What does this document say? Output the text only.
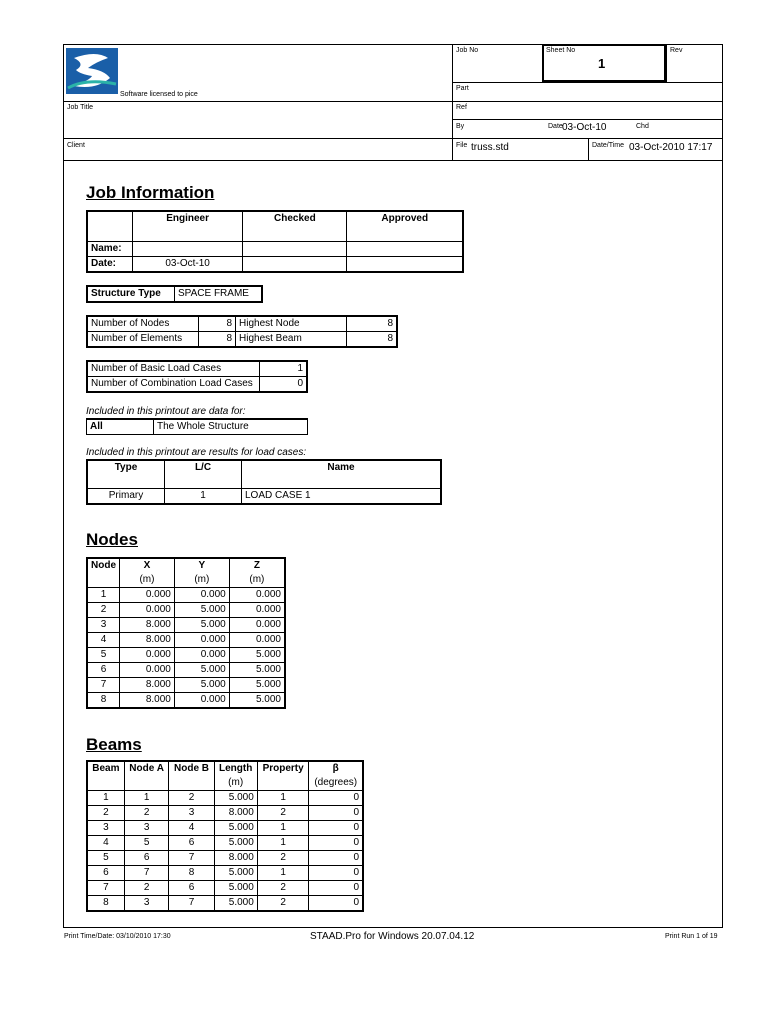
Software licensed to pice
Job No	Sheet No
1
Rev
Part
Job Title	Ref
By	Date 03-Oct-10	Chd
Client	File truss.std	Date/Time 03-Oct-2010 17:17
Job Information
	Engineer	Checked	Approved
Name:			
Date:	03-Oct-10		
Structure Type	SPACE FRAME
Number of Nodes	8	Highest Node	8
Number of Elements	8	Highest Beam	8
Number of Basic Load Cases	1
Number of Combination Load Cases	0
Included in this printout are data for:
All	The Whole Structure
Included in this printout are results for load cases:
Type	L/C	Name
Primary	1	LOAD CASE 1
Nodes
Node	X	Y	Z
	(m)	(m)	(m)
1	0.000	0.000	0.000
2	0.000	5.000	0.000
3	8.000	5.000	0.000
4	8.000	0.000	0.000
5	0.000	0.000	5.000
6	0.000	5.000	5.000
7	8.000	5.000	5.000
8	8.000	0.000	5.000
Beams
Beam	Node A	Node B	Length	Property	β
			(m)		(degrees)
1	1	2	5.000	1	0
2	2	3	8.000	2	0
3	3	4	5.000	1	0
4	5	6	5.000	1	0
5	6	7	8.000	2	0
6	7	8	5.000	1	0
7	2	6	5.000	2	0
8	3	7	5.000	2	0
Print Time/Date: 03/10/2010 17:30	STAAD.Pro for Windows 20.07.04.12	Print Run 1 of 19
